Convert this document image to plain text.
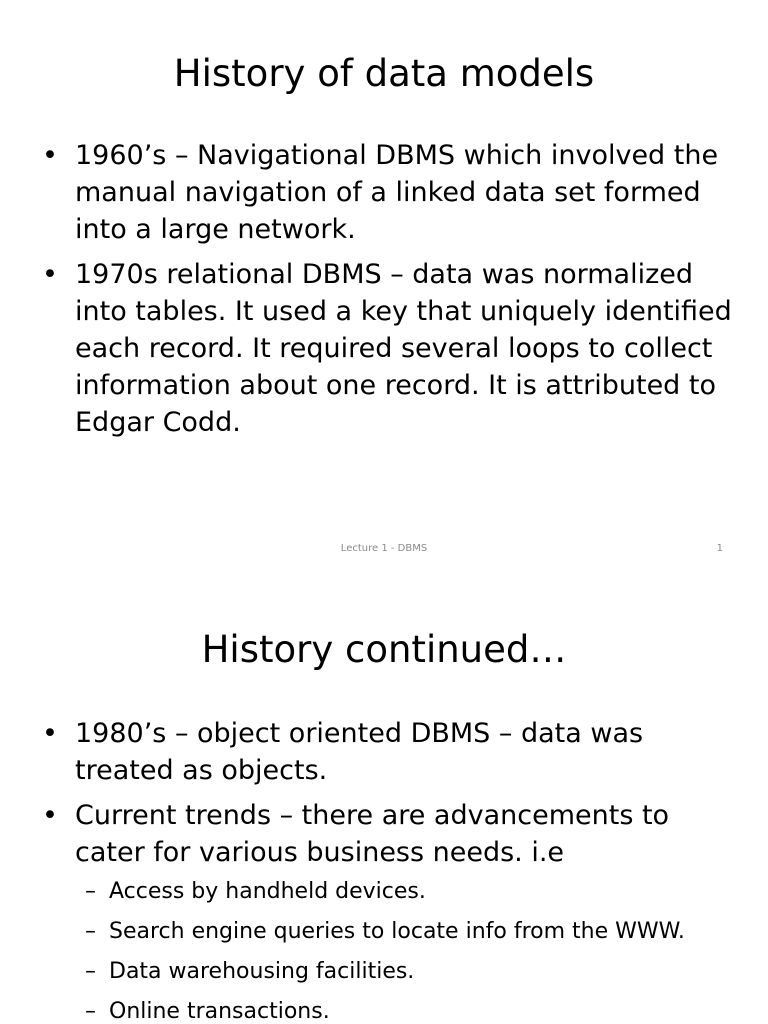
History of data models
• 1960’s – Navigational DBMS which involved the manual navigation of a linked data set formed into a large network.
• 1970s relational DBMS – data was normalized into tables. It used a key that uniquely identified each record. It required several loops to collect information about one record. It is attributed to Edgar Codd.
Lecture 1 - DBMS	1
History continued…
• 1980’s – object oriented DBMS – data was treated as objects.
• Current trends – there are advancements to cater for various business needs. i.e
– Access by handheld devices.
– Search engine queries to locate info from the WWW.
– Data warehousing facilities.
– Online transactions.
